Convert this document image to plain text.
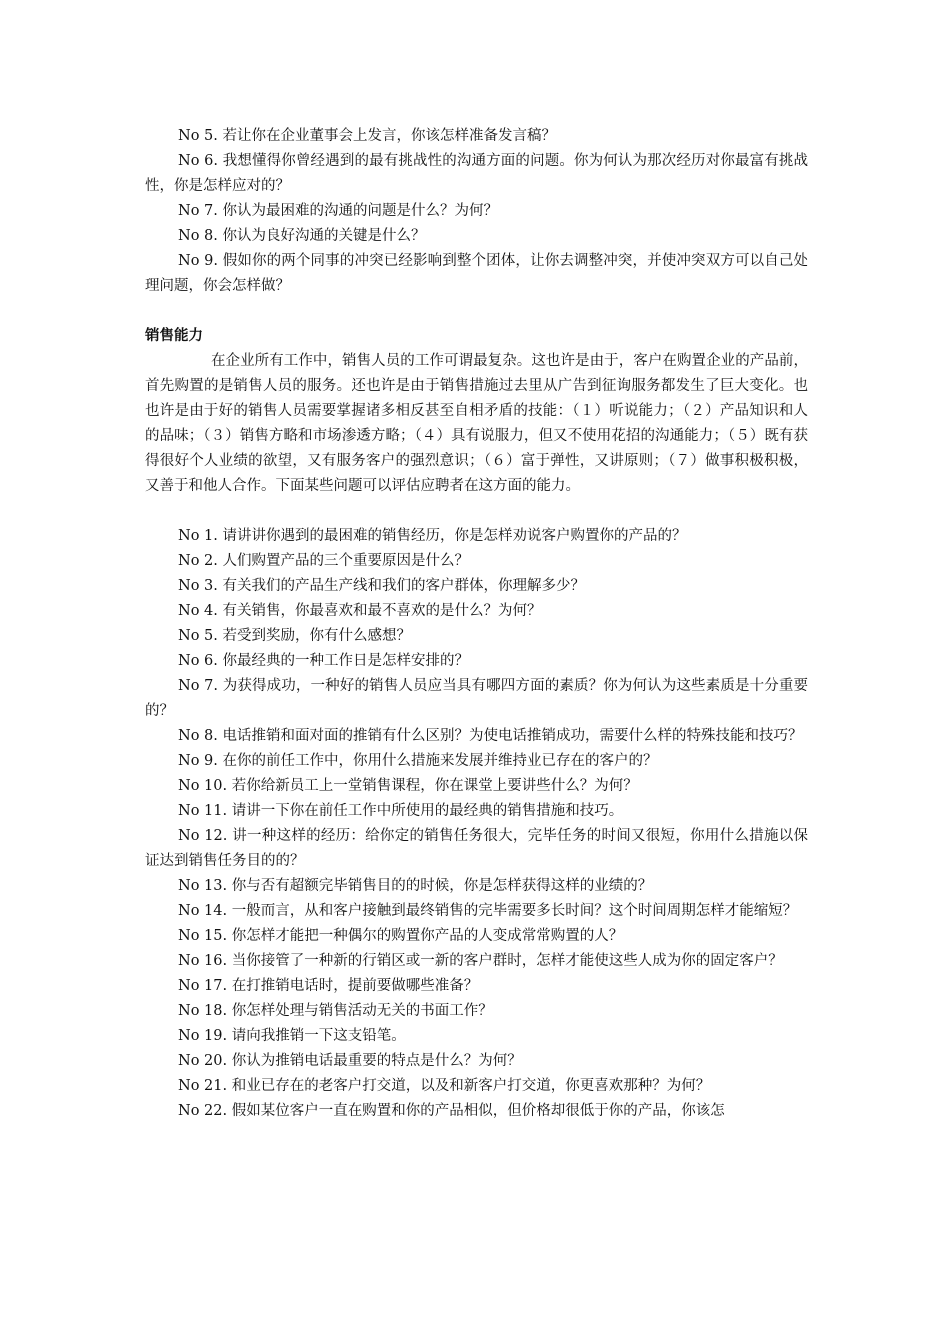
No 5. 若让你在企业董事会上发言，你该怎样准备发言稿？

No 6. 我想懂得你曾经遇到的最有挑战性的沟通方面的问题。你为何认为那次经历对你最富有挑战性，你是怎样应对的？

No 7. 你认为最困难的沟通的问题是什么？为何？

No 8. 你认为良好沟通的关键是什么？

No 9. 假如你的两个同事的冲突已经影响到整个团体，让你去调整冲突，并使冲突双方可以自己处理问题，你会怎样做？

销售能力

在企业所有工作中，销售人员的工作可谓最复杂。这也许是由于，客户在购置企业的产品前，首先购置的是销售人员的服务。还也许是由于销售措施过去里从广告到征询服务都发生了巨大变化。也也许是由于好的销售人员需要掌握诸多相反甚至自相矛盾的技能：（１）听说能力；（２）产品知识和人的品味；（３）销售方略和市场渗透方略；（４）具有说服力，但又不使用花招的沟通能力；（５）既有获得很好个人业绩的欲望，又有服务客户的强烈意识；（６）富于弹性，又讲原则；（７）做事积极积极，又善于和他人合作。下面某些问题可以评估应聘者在这方面的能力。

No 1. 请讲讲你遇到的最困难的销售经历，你是怎样劝说客户购置你的产品的？

No 2. 人们购置产品的三个重要原因是什么？

No 3. 有关我们的产品生产线和我们的客户群体，你理解多少？

No 4. 有关销售，你最喜欢和最不喜欢的是什么？为何？

No 5. 若受到奖励，你有什么感想？

No 6. 你最经典的一种工作日是怎样安排的？

No 7. 为获得成功，一种好的销售人员应当具有哪四方面的素质？你为何认为这些素质是十分重要的？

No 8. 电话推销和面对面的推销有什么区别？为使电话推销成功，需要什么样的特殊技能和技巧？

No 9. 在你的前任工作中，你用什么措施来发展并维持业已存在的客户的？

No 10. 若你给新员工上一堂销售课程，你在课堂上要讲些什么？为何？

No 11. 请讲一下你在前任工作中所使用的最经典的销售措施和技巧。

No 12. 讲一种这样的经历：给你定的销售任务很大，完毕任务的时间又很短，你用什么措施以保证达到销售任务目的的？

No 13. 你与否有超额完毕销售目的的时候，你是怎样获得这样的业绩的？

No 14. 一般而言，从和客户接触到最终销售的完毕需要多长时间？这个时间周期怎样才能缩短？

No 15. 你怎样才能把一种偶尔的购置你产品的人变成常常购置的人？

No 16. 当你接管了一种新的行销区或一新的客户群时，怎样才能使这些人成为你的固定客户？

No 17. 在打推销电话时，提前要做哪些准备？

No 18. 你怎样处理与销售活动无关的书面工作？

No 19. 请向我推销一下这支铅笔。

No 20. 你认为推销电话最重要的特点是什么？为何？

No 21. 和业已存在的老客户打交道，以及和新客户打交道，你更喜欢那种？为何？

No 22. 假如某位客户一直在购置和你的产品相似，但价格却很低于你的产品，你该怎
